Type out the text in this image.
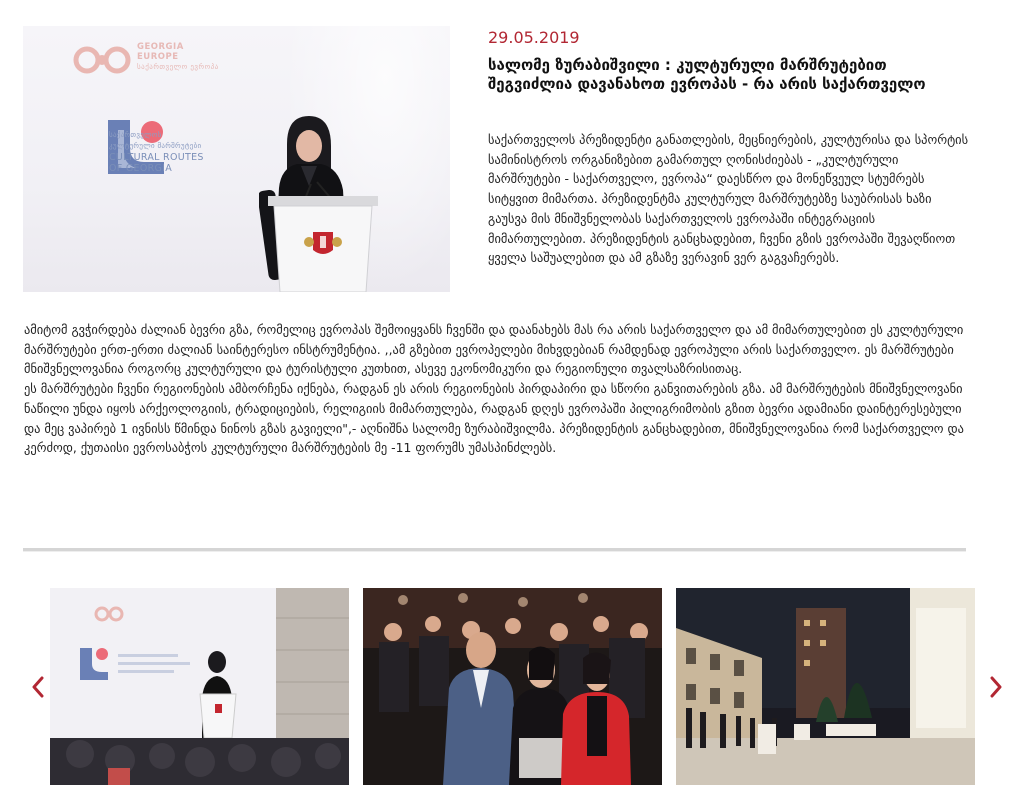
GEORGIA
EUROPE
საქართველო ევროპა
საქართველოს
კულტურული მარშრუტები
CULTURAL ROUTES
OF GEORGIA
29.05.2019
სალომე ზურაბიშვილი : კულტურული მარშრუტებით შეგვიძლია დავანახოთ ევროპას - რა არის საქართველო

საქართველოს პრეზიდენტი განათლების, მეცნიერების, კულტურისა და სპორტის სამინისტროს ორგანიზებით გამართულ ღონისძიებას - „კულტურული მარშრუტები - საქართველო, ევროპა“ დაესწრო და მონეწვეულ სტუმრებს სიტყვით მიმართა. პრეზიდენტმა კულტურულ მარშრუტებზე საუბრისას ხაზი გაუსვა მის მნიშვნელობას საქართველოს ევროპაში ინტეგრაციის მიმართულებით. პრეზიდენტის განცხადებით, ჩვენი გზის ევროპაში შევაღწიოთ ყველა საშუალებით და ამ გზაზე ვერავინ ვერ გაგვაჩერებს.

ამიტომ გვჭირდება ძალიან ბევრი გზა, რომელიც ევროპას შემოიყვანს ჩვენში და დაანახებს მას რა არის საქართველო და ამ მიმართულებით ეს კულტურული მარშრუტები ერთ-ერთი ძალიან საინტერესო ინსტრუმენტია. ,,ამ გზებით ევროპელები მიხვდებიან რამდენად ევროპული არის საქართველო. ეს მარშრუტები მნიშვნელოვანია როგორც კულტურული და ტურისტული კუთხით, ასევე ეკონომიკური და რეგიონული თვალსაზრისითაც.

ეს მარშრუტები ჩვენი რეგიონების ამბორჩენა იქნება, რადგან ეს არის რეგიონების პირდაპირი და სწორი განვითარების გზა. ამ მარშრუტების მნიშვნელოვანი ნაწილი უნდა იყოს არქეოლოგიის, ტრადიციების, რელიგიის მიმართულება, რადგან დღეს ევროპაში პილიგრიმობის გზით ბევრი ადამიანი დაინტერესებული და მეც ვაპირებ 1 ივნისს წმინდა ნინოს გზას გავიელი",- აღნიშნა სალომე ზურაბიშვილმა. პრეზიდენტის განცხადებით, მნიშვნელოვანია რომ საქართველო და კერძოდ, ქუთაისი ევროსაბჭოს კულტურული მარშრუტების მე -11 ფორუმს უმასპინძლებს.
